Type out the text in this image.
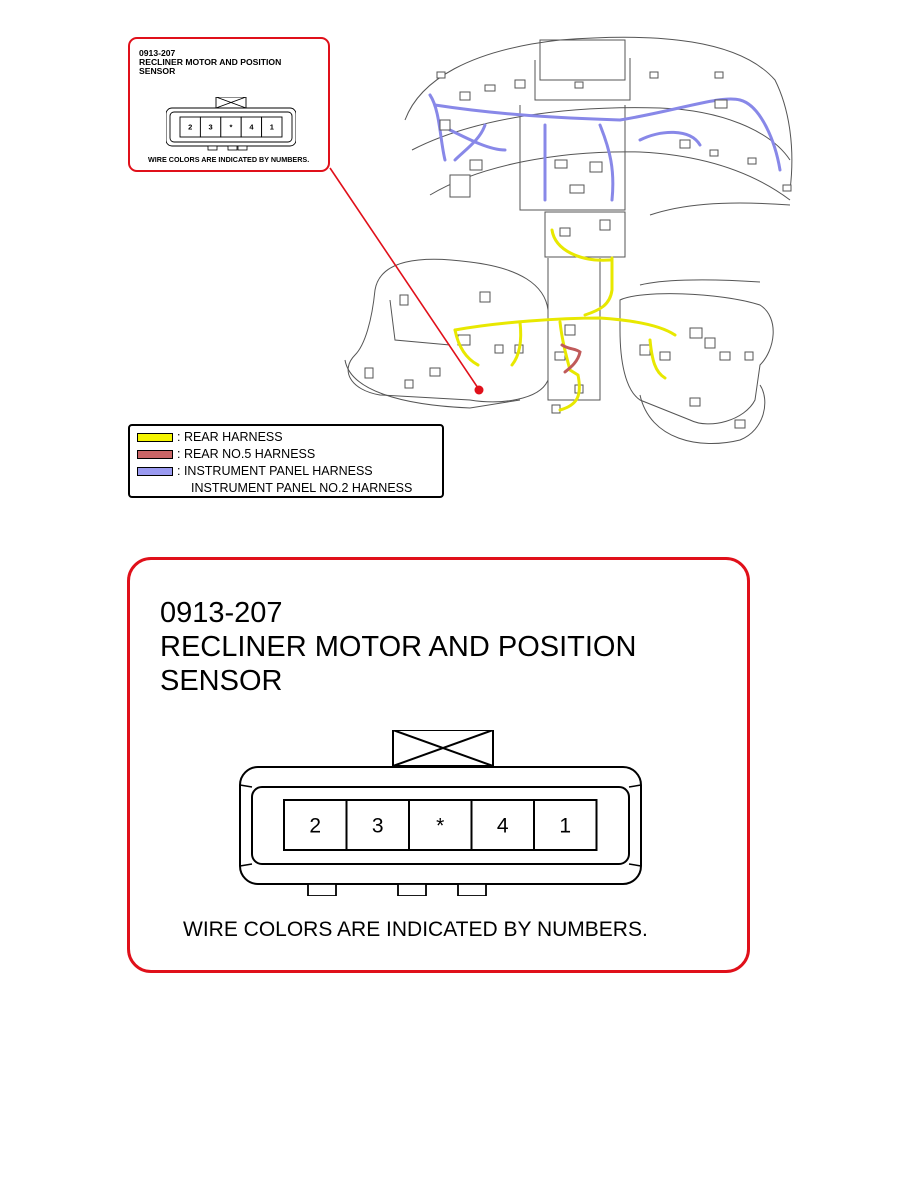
0913-207
RECLINER MOTOR AND POSITION
SENSOR
2 3 * 4 1
WIRE COLORS ARE INDICATED BY NUMBERS.
: REAR HARNESS
: REAR NO.5 HARNESS
: INSTRUMENT PANEL HARNESS
INSTRUMENT PANEL NO.2 HARNESS
0913-207
RECLINER MOTOR AND POSITION
SENSOR
2 3	*	4 1
WIRE COLORS ARE INDICATED BY NUMBERS.
